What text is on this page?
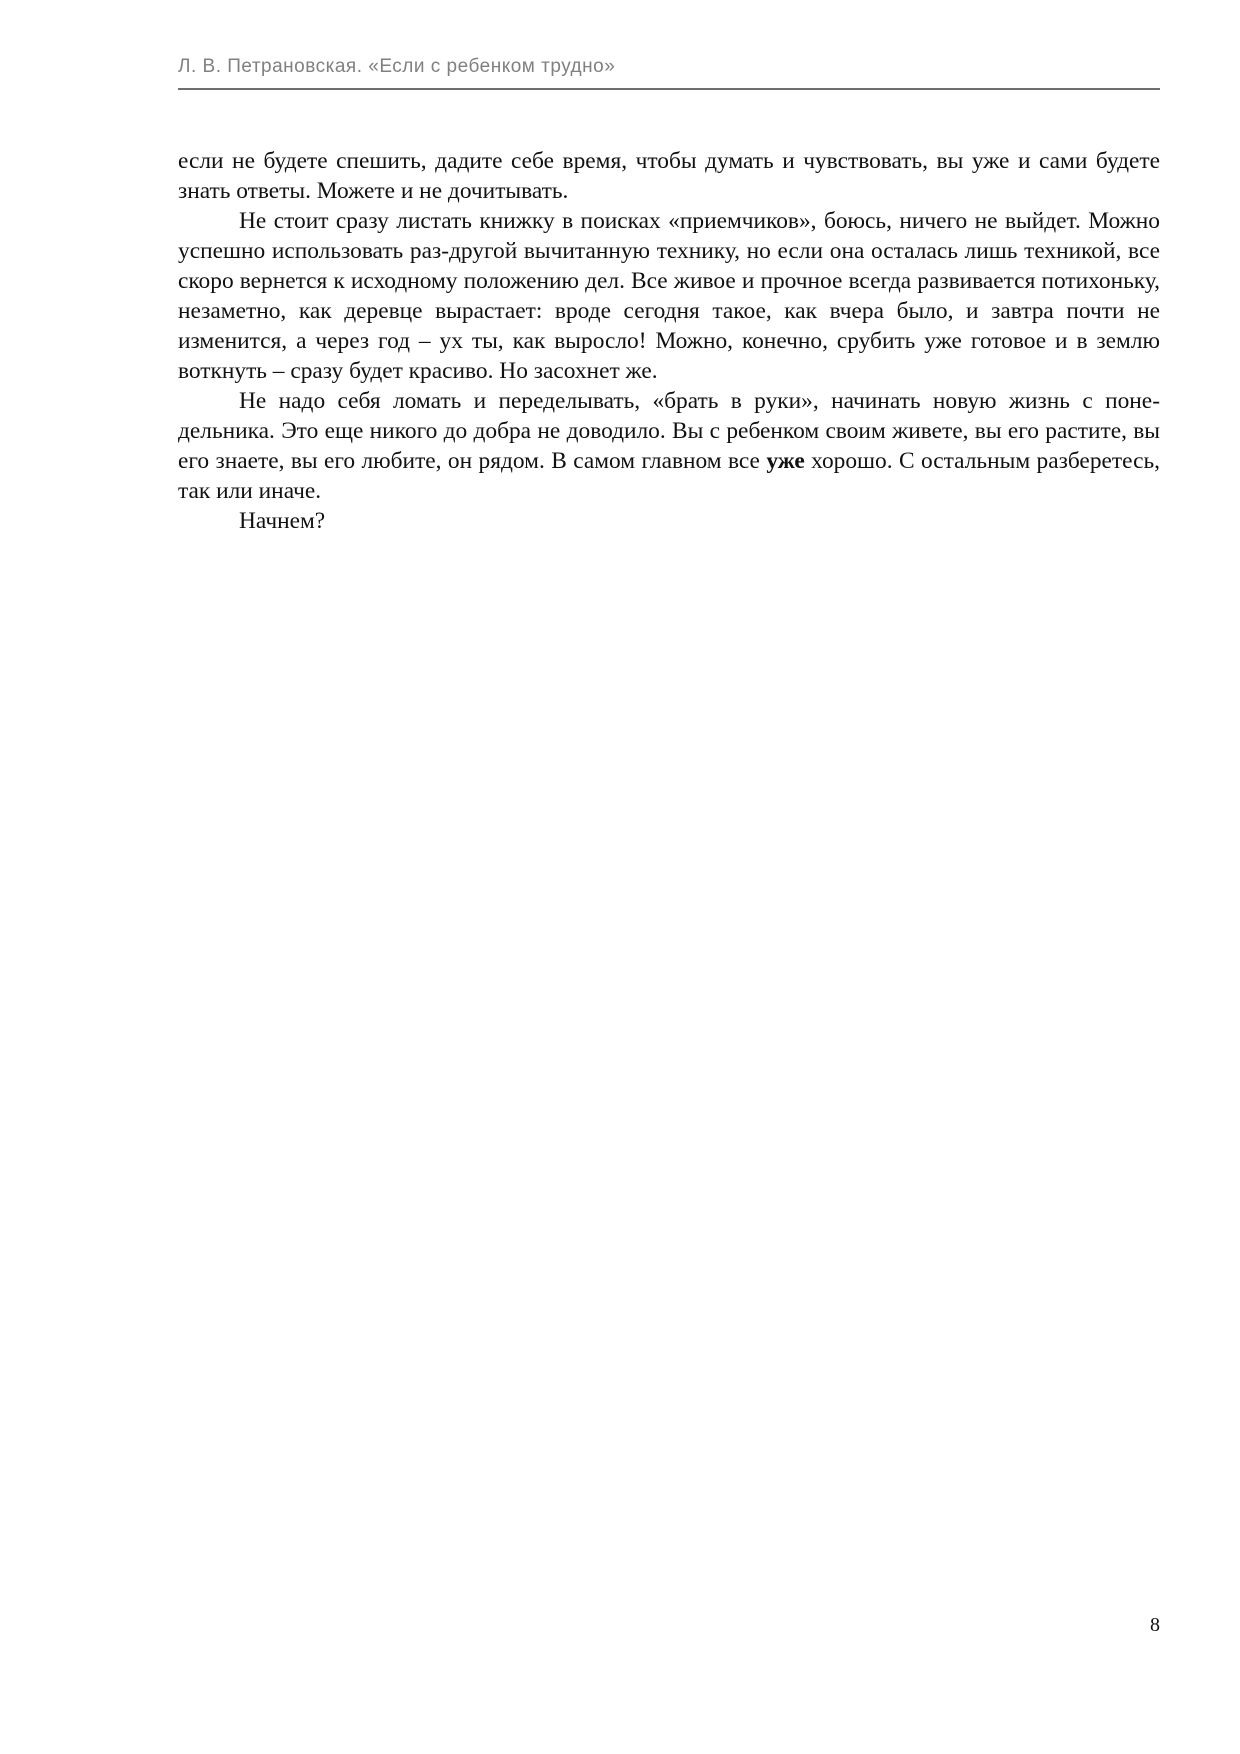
Л. В. Петрановская. «Если с ребенком трудно»

если не будете спешить, дадите себе время, чтобы думать и чувствовать, вы уже и сами будете знать ответы. Можете и не дочитывать.

Не стоит сразу листать книжку в поисках «приемчиков», боюсь, ничего не выйдет. Можно успешно использовать раз-другой вычитанную технику, но если она осталась лишь техникой, все скоро вернется к исходному положению дел. Все живое и прочное всегда развивается потихоньку, незаметно, как деревце вырастает: вроде сегодня такое, как вчера было, и завтра почти не изменится, а через год – ух ты, как выросло! Можно, конечно, срубить уже готовое и в землю воткнуть – сразу будет красиво. Но засохнет же.

Не надо себя ломать и переделывать, «брать в руки», начинать новую жизнь с понедельника. Это еще никого до добра не доводило. Вы с ребенком своим живете, вы его растите, вы его знаете, вы его любите, он рядом. В самом главном все уже хорошо. С остальным разберетесь, так или иначе.

Начнем?

8
